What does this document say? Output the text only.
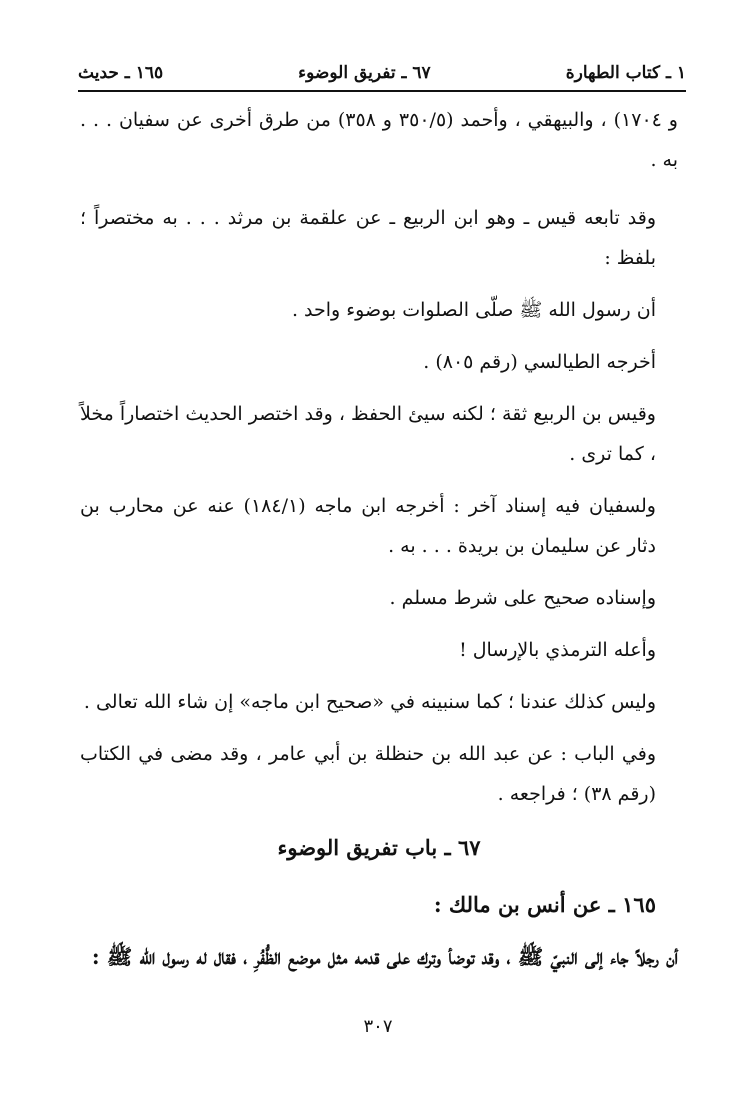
١ ـ كتاب الطهارة
٦٧ ـ تفريق الوضوء
١٦٥ ـ حديث

و ١٧٠٤) ، والبيهقي ، وأحمد (٣٥٠/٥ و ٣٥٨) من طرق أخرى عن سفيان . . . به .

وقد تابعه قيس ـ وهو ابن الربيع ـ عن علقمة بن مرثد . . . به مختصراً ؛ بلفظ :

أن رسول الله ﷺ صلّى الصلوات بوضوء واحد .

أخرجه الطيالسي (رقم ٨٠٥) .

وقيس بن الربيع ثقة ؛ لكنه سيئ الحفظ ، وقد اختصر الحديث اختصاراً مخلاً ، كما ترى .

ولسفيان فيه إسناد آخر : أخرجه ابن ماجه (١٨٤/١) عنه عن محارب بن دثار عن سليمان بن بريدة . . . به .

وإسناده صحيح على شرط مسلم .

وأعله الترمذي بالإرسال !

وليس كذلك عندنا ؛ كما سنبينه في «صحيح ابن ماجه» إن شاء الله تعالى .

وفي الباب : عن عبد الله بن حنظلة بن أبي عامر ، وقد مضى في الكتاب (رقم ٣٨) ؛ فراجعه .

٦٧ ـ باب تفريق الوضوء

١٦٥ ـ عن أنس بن مالك :

أن رجلاً جاء إلى النبيّ ﷺ ، وقد توضأ وترك على قدمه مثل موضع الظُّفُرِ ، فقال له رسول الله ﷺ :

٣٠٧
